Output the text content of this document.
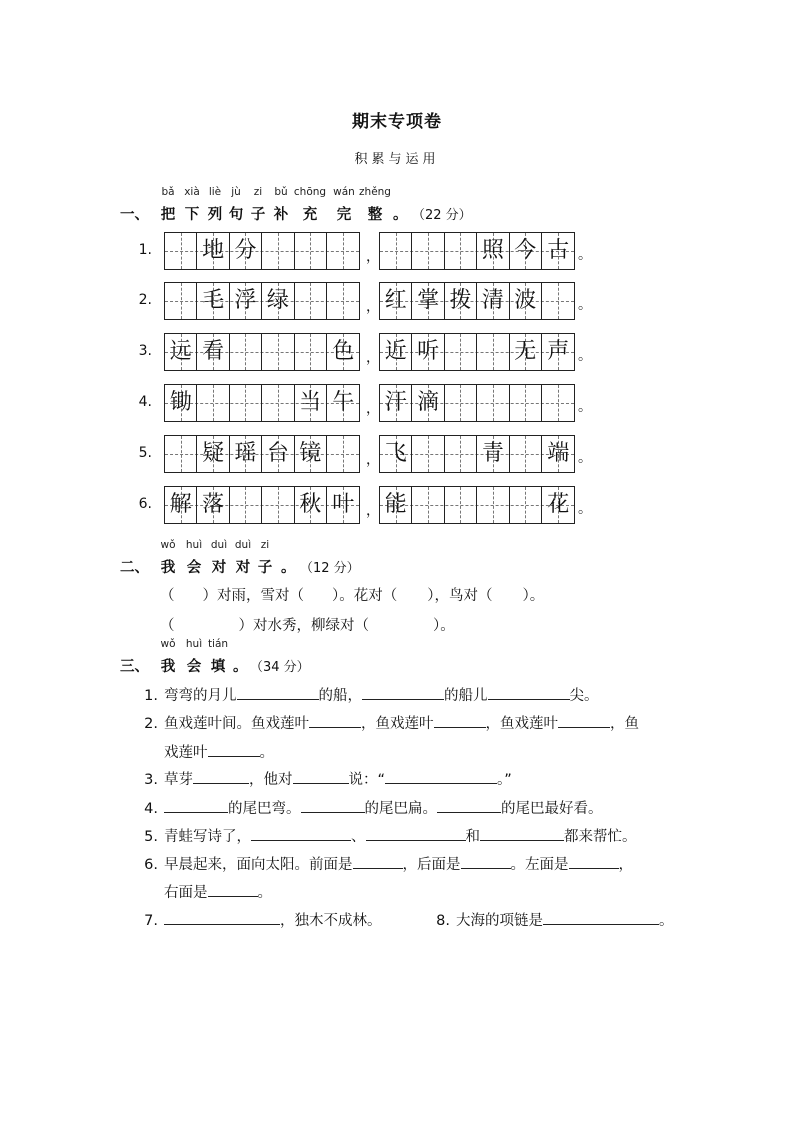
期末专项卷
积累与运用
bǎ xià liè jù zi bǔ chōng wán zhěng
一、 把 下 列 句 子 补 充 完 整 。 （22 分）
1. 地 分	照 今 古
，	。
2. 毛 浮 绿	红 掌 拨 清 波
，	。
3. 远 看	色 近 听	无 声
，	。
4. 锄	当 午 汗 滴
，	。
5. 疑 瑶 台 镜	飞	青 端
，	。
6. 解 落	秋 叶 能	花
，	。
wǒ huì duì duì zi
二、 我 会 对 对 子 。 （12 分）
（ ）对雨，雪对（ ）。花对（ ），鸟对（ ）。
（	）对水秀，柳绿对（	）。
wǒ huì tián
三、 我 会 填 。 （34 分）
1. 弯弯的月儿	的船，	的船儿	尖。
2. 鱼戏莲叶间。鱼戏莲叶	，鱼戏莲叶	，鱼戏莲叶	，鱼
戏莲叶	。
3. 草芽	，他对	说：“	。”
4.	的尾巴弯。	的尾巴扁。	的尾巴最好看。
5. 青蛙写诗了，	、	和	都来帮忙。
6. 早晨起来，面向太阳。前面是	，后面是	。左面是	，
右面是	。
7.	，独木不成林。	8. 大海的项链是	。
